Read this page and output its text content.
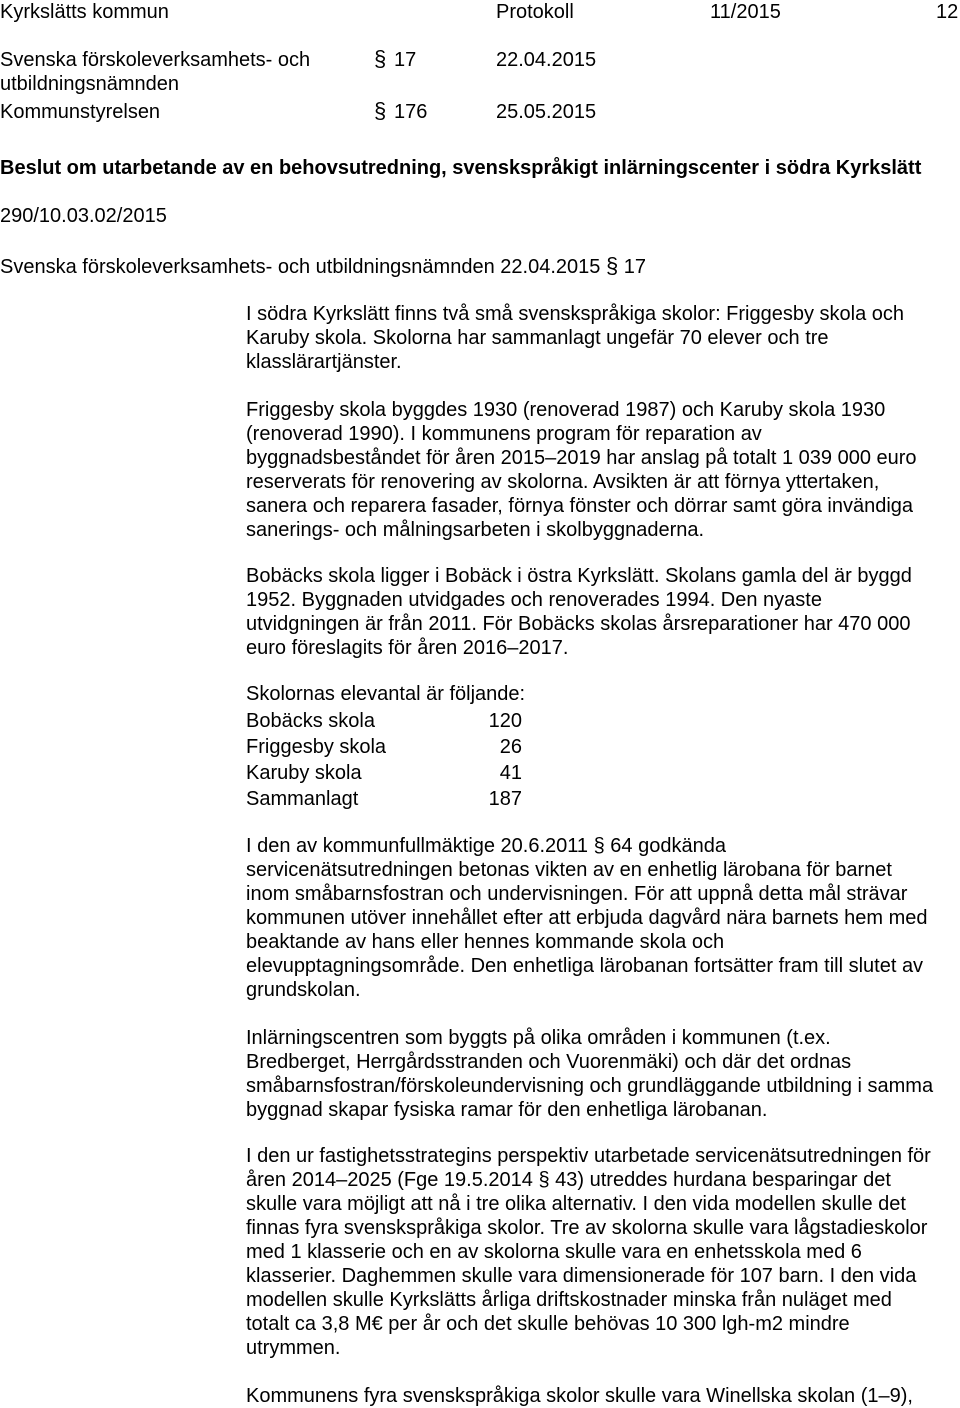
Kyrkslätts kommun	Protokoll	11/2015	12
Svenska förskoleverksamhets- och	§ 17	22.04.2015
utbildningsnämnden
Kommunstyrelsen	§ 176	25.05.2015
Beslut om utarbetande av en behovsutredning, svenskspråkigt inlärningscenter i södra Kyrkslätt
290/10.03.02/2015
Svenska förskoleverksamhets- och utbildningsnämnden 22.04.2015 § 17

I södra Kyrkslätt finns två små svenskspråkiga skolor: Friggesby skola och
Karuby skola. Skolorna har sammanlagt ungefär 70 elever och tre
klasslärartjänster.

Friggesby skola byggdes 1930 (renoverad 1987) och Karuby skola 1930
(renoverad 1990). I kommunens program för reparation av
byggnadsbeståndet för åren 2015–2019 har anslag på totalt 1 039 000 euro
reserverats för renovering av skolorna. Avsikten är att förnya yttertaken,
sanera och reparera fasader, förnya fönster och dörrar samt göra invändiga
sanerings- och målningsarbeten i skolbyggnaderna.

Bobäcks skola ligger i Bobäck i östra Kyrkslätt. Skolans gamla del är byggd
1952. Byggnaden utvidgades och renoverades 1994. Den nyaste
utvidgningen är från 2011. För Bobäcks skolas årsreparationer har 470 000
euro föreslagits för åren 2016–2017.

Skolornas elevantal är följande:

Bobäcks skola	120
Friggesby skola	26
Karuby skola	41
Sammanlagt	187

I den av kommunfullmäktige 20.6.2011 § 64 godkända
servicenätsutredningen betonas vikten av en enhetlig lärobana för barnet
inom småbarnsfostran och undervisningen. För att uppnå detta mål strävar
kommunen utöver innehållet efter att erbjuda dagvård nära barnets hem med
beaktande av hans eller hennes kommande skola och
elevupptagningsområde. Den enhetliga lärobanan fortsätter fram till slutet av
grundskolan.

Inlärningscentren som byggts på olika områden i kommunen (t.ex.
Bredberget, Herrgårdsstranden och Vuorenmäki) och där det ordnas
småbarnsfostran/förskoleundervisning och grundläggande utbildning i samma
byggnad skapar fysiska ramar för den enhetliga lärobanan.

I den ur fastighetsstrategins perspektiv utarbetade servicenätsutredningen för
åren 2014–2025 (Fge 19.5.2014 § 43) utreddes hurdana besparingar det
skulle vara möjligt att nå i tre olika alternativ. I den vida modellen skulle det
finnas fyra svenskspråkiga skolor. Tre av skolorna skulle vara lågstadieskolor
med 1 klasserie och en av skolorna skulle vara en enhetsskola med 6
klasserier. Daghemmen skulle vara dimensionerade för 107 barn. I den vida
modellen skulle Kyrkslätts årliga driftskostnader minska från nuläget med
totalt ca 3,8 M€ per år och det skulle behövas 10 300 lgh-m2 mindre
utrymmen.

Kommunens fyra svenskspråkiga skolor skulle vara Winellska skolan (1–9),
